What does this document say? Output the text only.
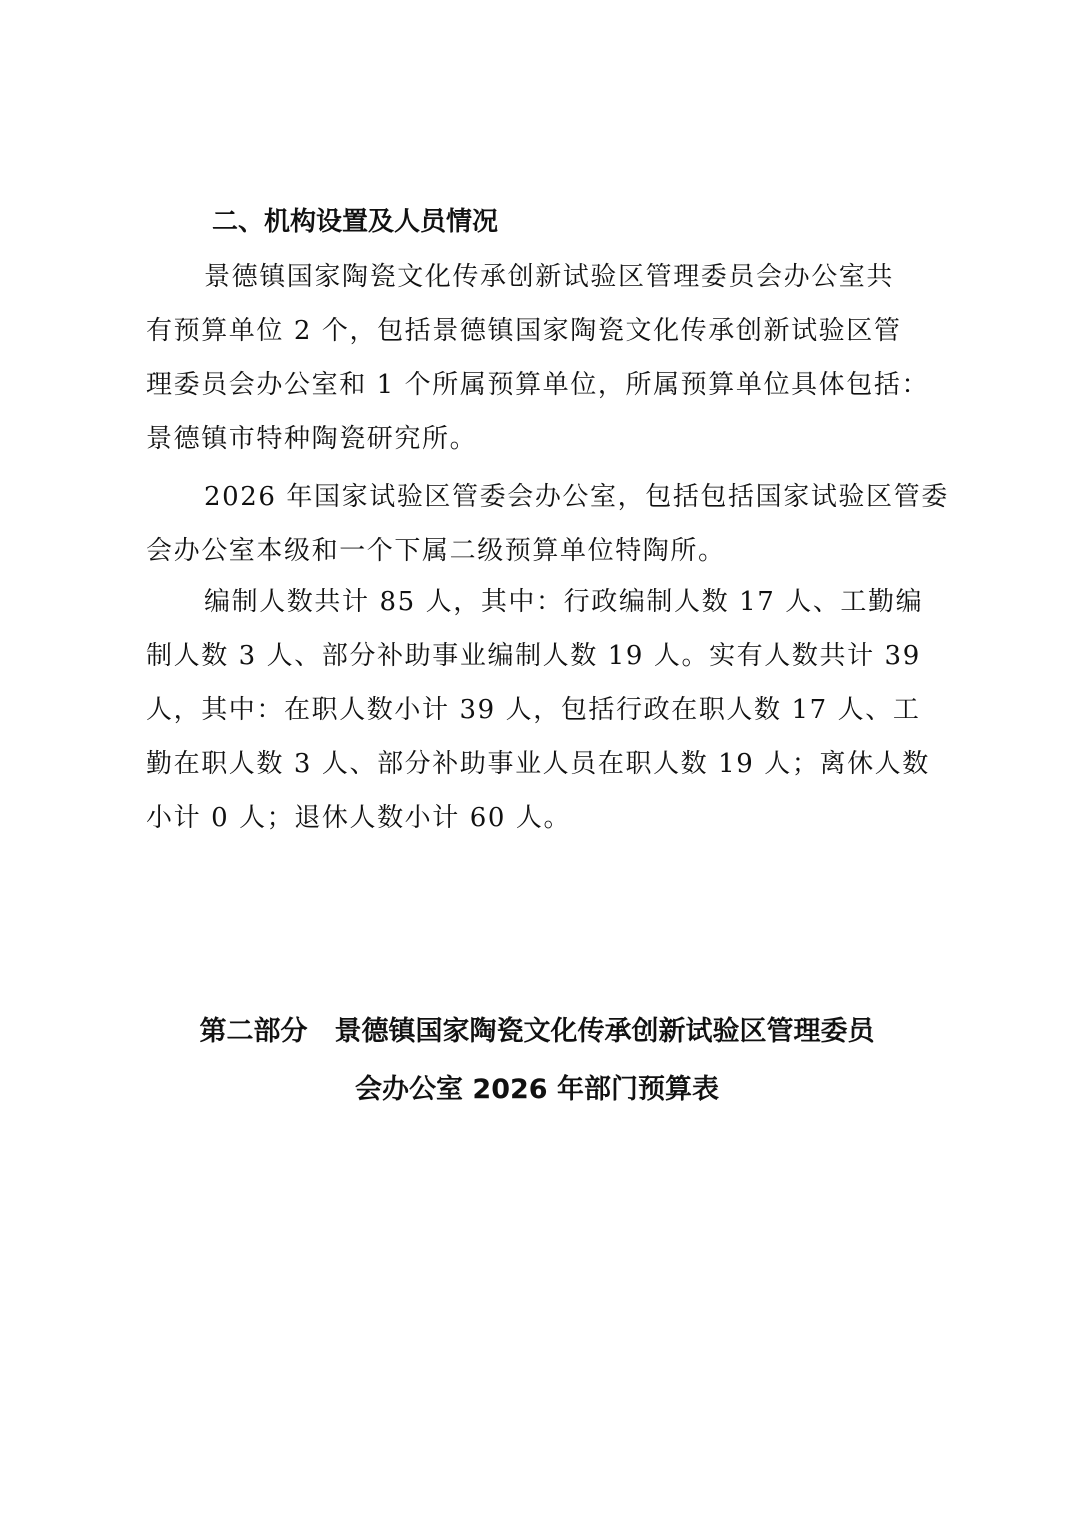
二、机构设置及人员情况
景德镇国家陶瓷文化传承创新试验区管理委员会办公室共
有预算单位 2 个，包括景德镇国家陶瓷文化传承创新试验区管
理委员会办公室和 1 个所属预算单位，所属预算单位具体包括：
景德镇市特种陶瓷研究所。
2026 年国家试验区管委会办公室，包括包括国家试验区管委
会办公室本级和一个下属二级预算单位特陶所。
编制人数共计 85 人，其中：行政编制人数 17 人、工勤编
制人数 3 人、部分补助事业编制人数 19 人。实有人数共计 39
人，其中：在职人数小计 39 人，包括行政在职人数 17 人、工
勤在职人数 3 人、部分补助事业人员在职人数 19 人；离休人数
小计 0 人；退休人数小计 60 人。
第二部分　景德镇国家陶瓷文化传承创新试验区管理委员
会办公室 2026 年部门预算表
